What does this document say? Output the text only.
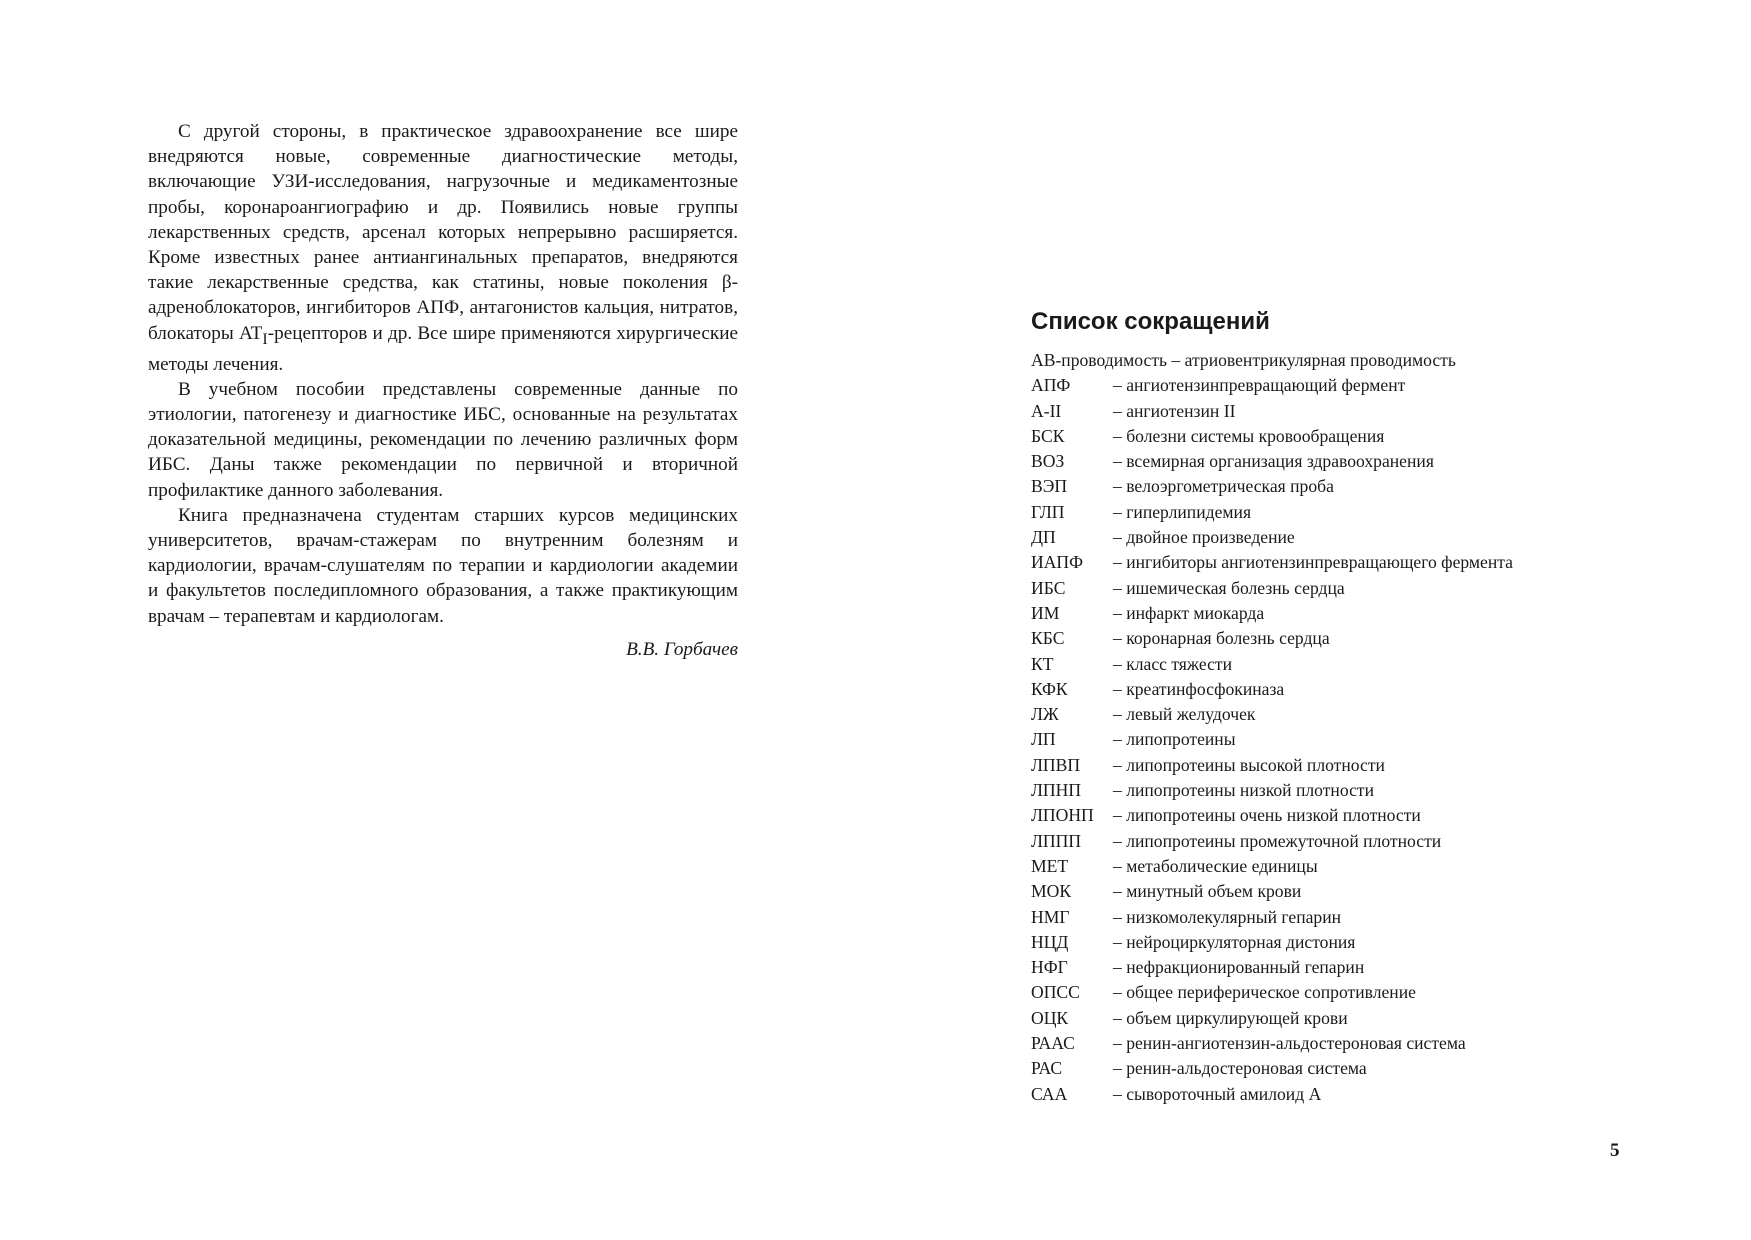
С другой стороны, в практическое здравоохранение все шире внедряются новые, современные диагностические методы, включающие УЗИ-исследования, нагрузочные и медикаментозные пробы, коронароангиографию и др. Появились новые группы лекарственных средств, арсенал которых непрерывно расширяется. Кроме известных ранее антиангинальных препаратов, внедряются такие лекарственные средства, как статины, новые поколения β-адреноблокаторов, ингибиторов АПФ, антагонистов кальция, нитратов, блокаторы $AT_I$-рецепторов и др. Все шире применяются хирургические методы лечения.

В учебном пособии представлены современные данные по этиологии, патогенезу и диагностике ИБС, основанные на результатах доказательной медицины, рекомендации по лечению различных форм ИБС. Даны также рекомендации по первичной и вторичной профилактике данного заболевания.

Книга предназначена студентам старших курсов медицинских университетов, врачам-стажерам по внутренним болезням и кардиологии, врачам-слушателям по терапии и кардиологии академии и факультетов последипломного образования, а также практикующим врачам – терапевтам и кардиологам.

В.В. Горбачев
Список сокращений
АВ-проводимость – атриовентрикулярная проводимость
АПФ	– ангиотензинпревращающий фермент
А-II	– ангиотензин II
БСК	– болезни системы кровообращения
ВОЗ	– всемирная организация здравоохранения
ВЭП	– велоэргометрическая проба
ГЛП	– гиперлипидемия
ДП	– двойное произведение
ИАПФ	– ингибиторы ангиотензинпревращающего фермента
ИБС	– ишемическая болезнь сердца
ИМ	– инфаркт миокарда
КБС	– коронарная болезнь сердца
КТ	– класс тяжести
КФК	– креатинфосфокиназа
ЛЖ	– левый желудочек
ЛП	– липопротеины
ЛПВП	– липопротеины высокой плотности
ЛПНП	– липопротеины низкой плотности
ЛПОНП	– липопротеины очень низкой плотности
ЛППП	– липопротеины промежуточной плотности
МЕТ	– метаболические единицы
МОК	– минутный объем крови
НМГ	– низкомолекулярный гепарин
НЦД	– нейроциркуляторная дистония
НФГ	– нефракционированный гепарин
ОПСС	– общее периферическое сопротивление
ОЦК	– объем циркулирующей крови
РААС	– ренин-ангиотензин-альдостероновая система
РАС	– ренин-альдостероновая система
САА	– сывороточный амилоид А
5
